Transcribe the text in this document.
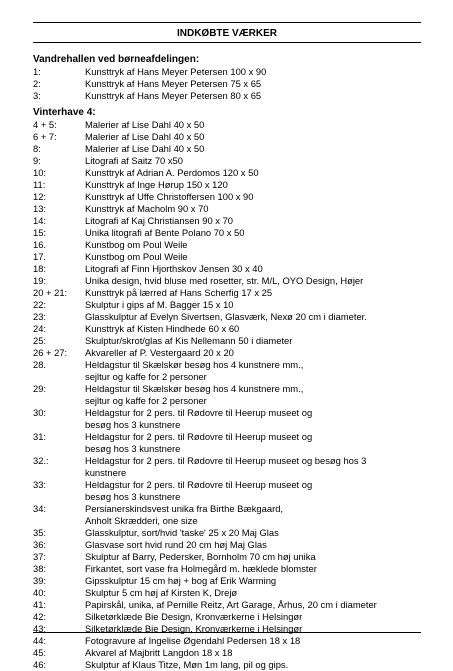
INDKØBTE VÆRKER
Vandrehallen ved børneafdelingen:
1:	Kunsttryk af Hans Meyer Petersen 100 x 90
2:	Kunsttryk af Hans Meyer Petersen 75 x 65
3:	Kunsttryk af Hans Meyer Petersen 80 x 65
Vinterhave 4:
4 + 5:	Malerier af Lise Dahl 40 x 50
6 + 7:	Malerier af Lise Dahl 40 x 50
8:	Malerier af Lise Dahl 40 x 50
9:	Litografi af Saitz 70 x50
10:	Kunsttryk af Adrian A. Perdomos 120 x 50
11:	Kunsttryk af Inge Hørup 150 x 120
12:	Kunsttryk af Uffe Christoffersen 100 x 90
13:	Kunsttryk af Macholm 90 x 70
14:	Litografi af Kaj Christiansen 90 x 70
15:	Unika litografi af Bente Polano 70 x 50
16.	Kunstbog om Poul Weile
17.	Kunstbog om Poul Weile
18:	Litografi af Finn Hjorthskov Jensen 30 x 40
19:	Unika design, hvid bluse med rosetter, str. M/L, OYO Design, Højer
20 + 21: Kunsttryk på lærred af Hans Scherfig 17 x 25
22:	Skulptur i gips af M. Bagger 15 x 10
23:	Glasskulptur af Evelyn Sivertsen, Glasværk, Nexø 20 cm i diameter.
24:	Kunsttryk af Kisten Hindhede 60 x 60
25:	Skulptur/skrot/glas af Kis Nellemann 50 i diameter
26 + 27: Akvareller af P. Vestergaard 20 x 20
28.	Heldagstur til Skælskør besøg hos 4 kunstnere mm.,
sejltur og kaffe for 2 personer
29:	Heldagstur til Skælskør besøg hos 4 kunstnere mm.,
sejltur og kaffe for 2 personer
30:	Heldagstur for 2 pers. til Rødovre til Heerup museet og
besøg hos 3 kunstnere
31:	Heldagstur for 2 pers. til Rødovre til Heerup museet og
besøg hos 3 kunstnere
32.:	Heldagstur for 2 pers. til Rødovre til Heerup museet og besøg hos 3
kunstnere
33:	Heldagstur for 2 pers. til Rødovre til Heerup museet og
besøg hos 3 kunstnere
34:	Persianerskindsvest unika fra Birthe Bækgaard,
Anholt Skrædderi, one size
35:	Glasskulptur, sort/hvid 'taske' 25 x 20 Maj Glas
36:	Glasvase sort hvid rund 20 cm høj Maj Glas
37:	Skulptur af Barry, Pedersker, Bornholm 70 cm høj unika
38:	Firkantet, sort vase fra Holmegård m. hæklede blomster
39:	Gipsskulptur 15 cm høj + bog af Erik Warming
40:	Skulptur 5 cm høj af Kirsten K, Drejø
41:	Papirskål, unika, af Pernille Reitz, Art Garage, Århus, 20 cm i diameter
42:	Silketørklæde Bie Design, Kronværkerne i Helsingør
43:	Silketørklæde Bie Design, Kronværkerne i Helsingør
44:	Fotogravure af Ingelise Øgendahl Pedersen 18 x 18
45:	Akvarel af Majbritt Langdon 18 x 18
46:	Skulptur af Klaus Titze, Møn 1m lang, pil og gips.
